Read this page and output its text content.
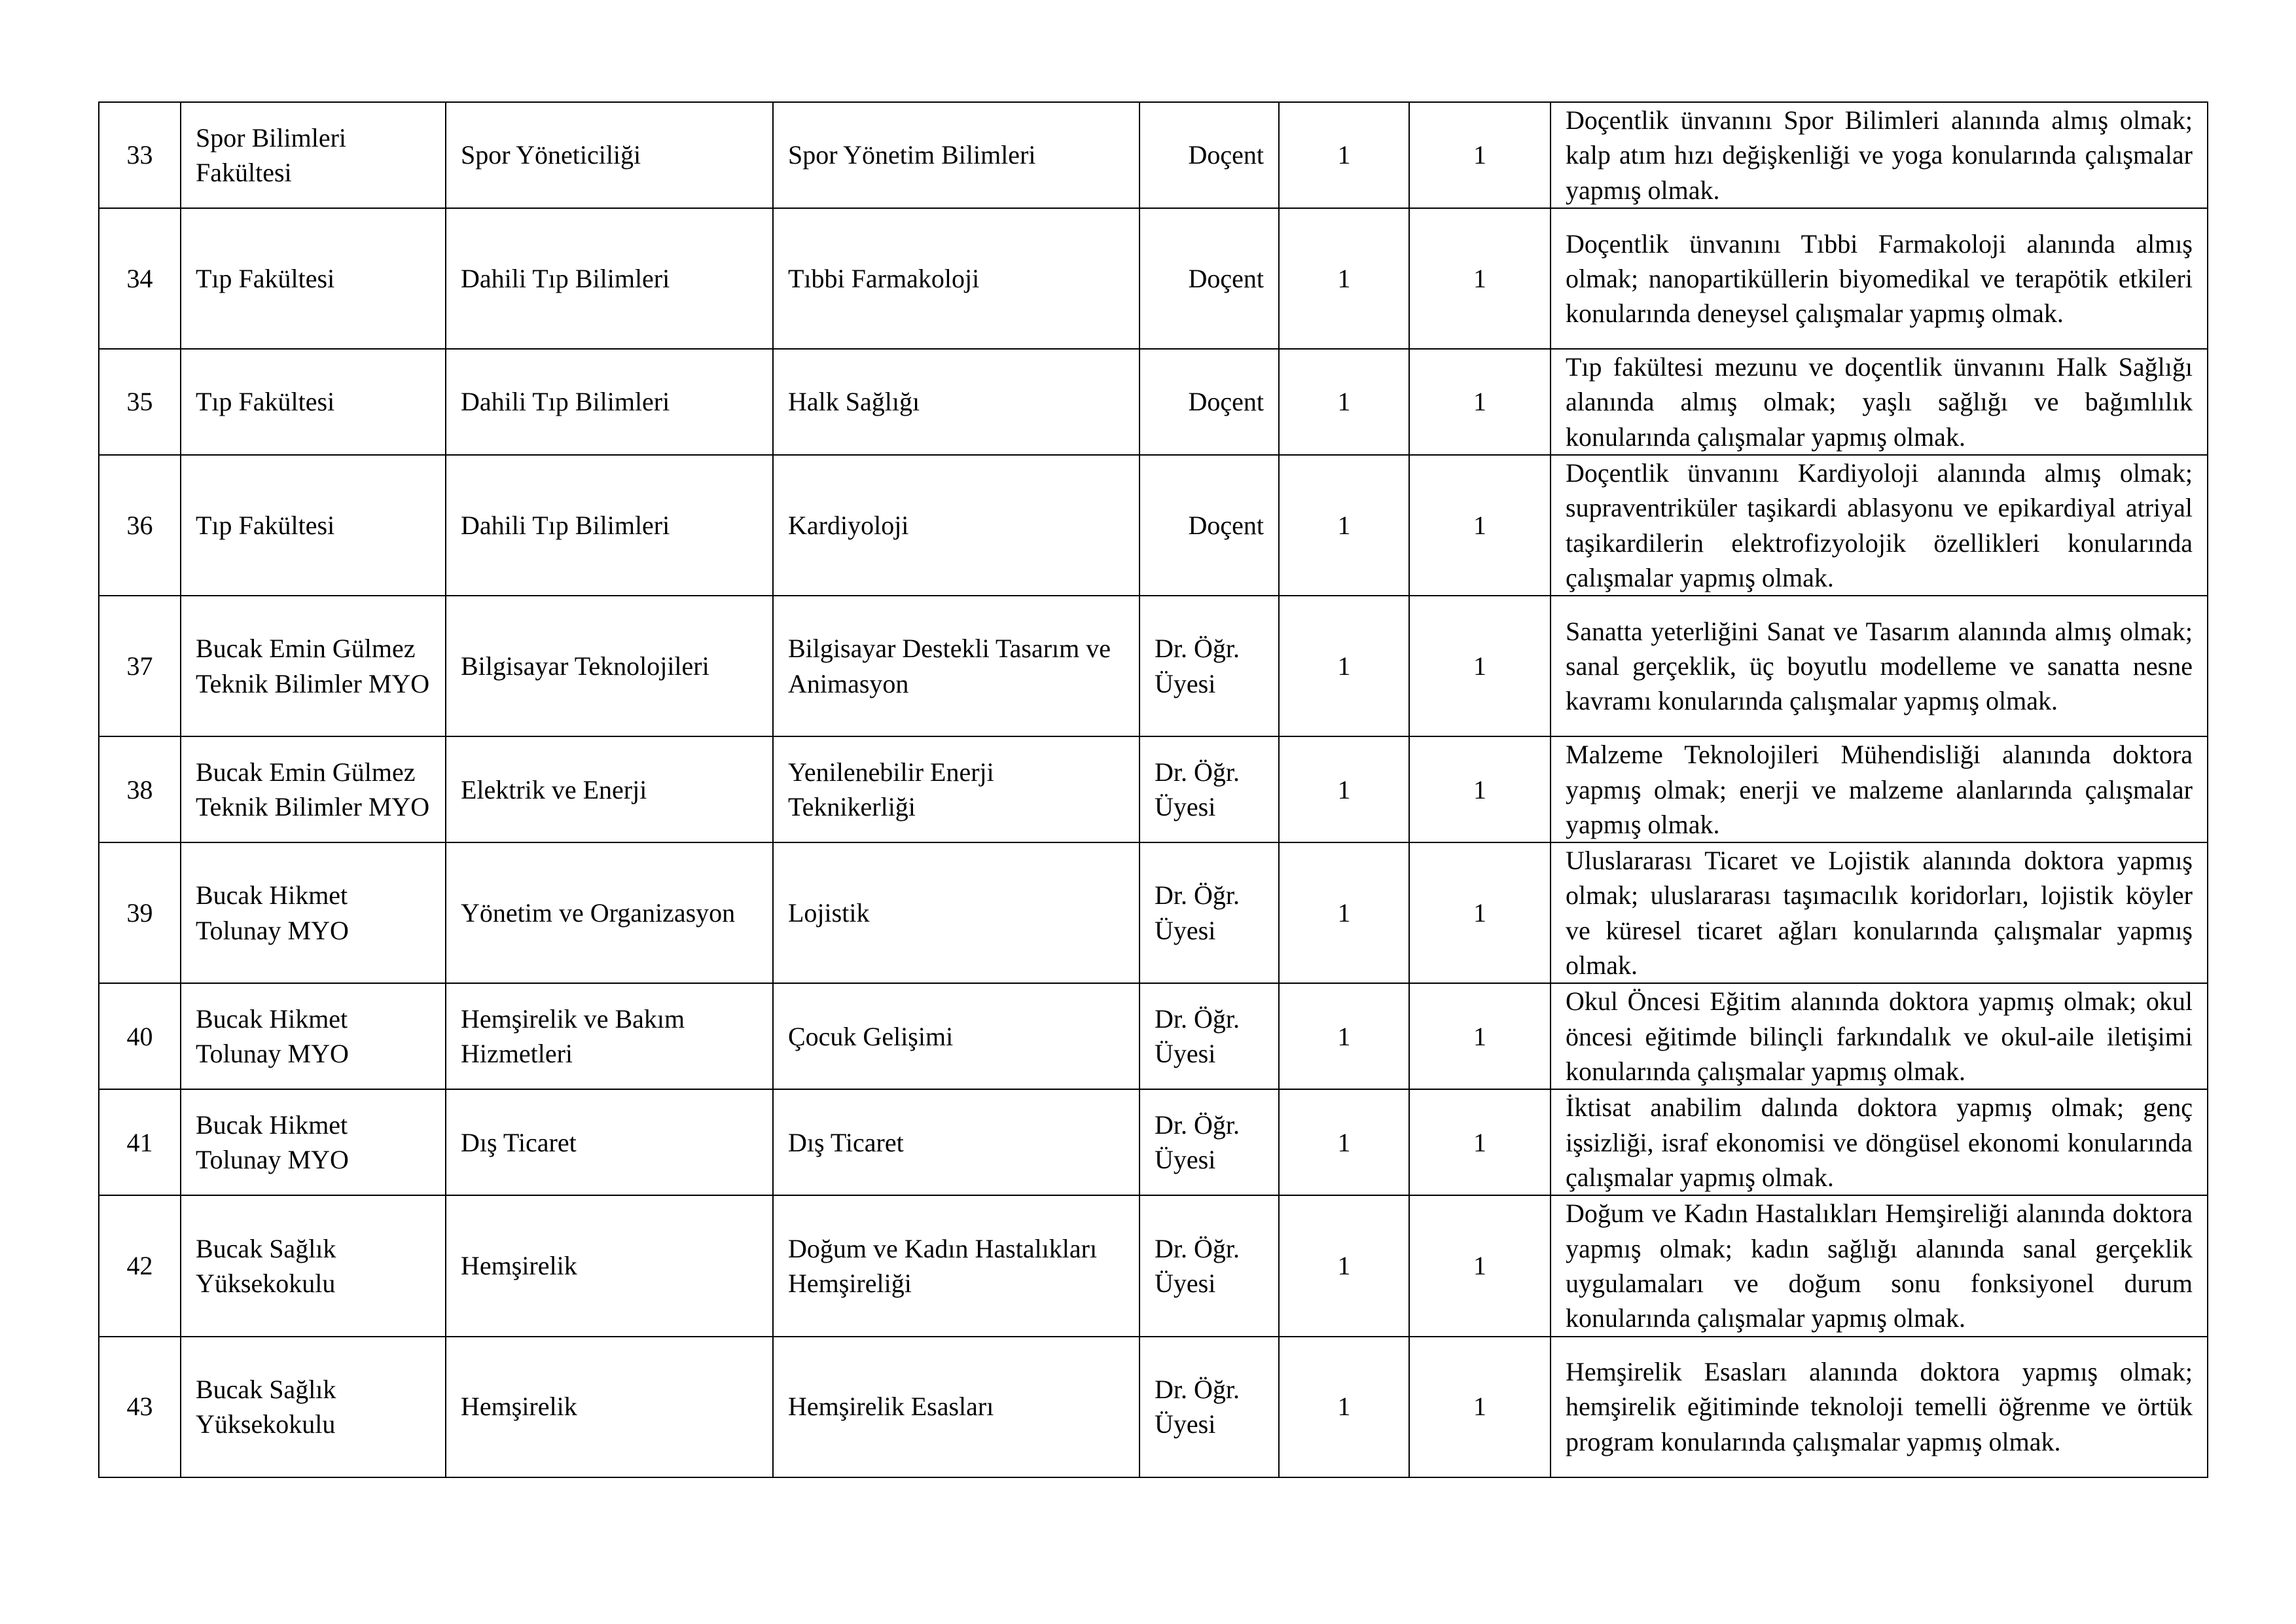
33	Spor Bilimleri Fakültesi	Spor Yöneticiliği	Spor Yönetim Bilimleri	Doçent	1	1	Doçentlik ünvanını Spor Bilimleri alanında almış olmak; kalp atım hızı değişkenliği ve yoga konularında çalışmalar yapmış olmak.
34	Tıp Fakültesi	Dahili Tıp Bilimleri	Tıbbi Farmakoloji	Doçent	1	1	Doçentlik ünvanını Tıbbi Farmakoloji alanında almış olmak; nanopartiküllerin biyomedikal ve terapötik etkileri konularında deneysel çalışmalar yapmış olmak.
35	Tıp Fakültesi	Dahili Tıp Bilimleri	Halk Sağlığı	Doçent	1	1	Tıp fakültesi mezunu ve doçentlik ünvanını Halk Sağlığı alanında almış olmak; yaşlı sağlığı ve bağımlılık konularında çalışmalar yapmış olmak.
36	Tıp Fakültesi	Dahili Tıp Bilimleri	Kardiyoloji	Doçent	1	1	Doçentlik ünvanını Kardiyoloji alanında almış olmak; supraventriküler taşikardi ablasyonu ve epikardiyal atriyal taşikardilerin elektrofizyolojik özellikleri konularında çalışmalar yapmış olmak.
37	Bucak Emin Gülmez Teknik Bilimler MYO	Bilgisayar Teknolojileri	Bilgisayar Destekli Tasarım ve Animasyon	Dr. Öğr. Üyesi	1	1	Sanatta yeterliğini Sanat ve Tasarım alanında almış olmak; sanal gerçeklik, üç boyutlu modelleme ve sanatta nesne kavramı konularında çalışmalar yapmış olmak.
38	Bucak Emin Gülmez Teknik Bilimler MYO	Elektrik ve Enerji	Yenilenebilir Enerji Teknikerliği	Dr. Öğr. Üyesi	1	1	Malzeme Teknolojileri Mühendisliği alanında doktora yapmış olmak; enerji ve malzeme alanlarında çalışmalar yapmış olmak.
39	Bucak Hikmet Tolunay MYO	Yönetim ve Organizasyon	Lojistik	Dr. Öğr. Üyesi	1	1	Uluslararası Ticaret ve Lojistik alanında doktora yapmış olmak; uluslararası taşımacılık koridorları, lojistik köyler ve küresel ticaret ağları konularında çalışmalar yapmış olmak.
40	Bucak Hikmet Tolunay MYO	Hemşirelik ve Bakım Hizmetleri	Çocuk Gelişimi	Dr. Öğr. Üyesi	1	1	Okul Öncesi Eğitim alanında doktora yapmış olmak; okul öncesi eğitimde bilinçli farkındalık ve okul-aile iletişimi konularında çalışmalar yapmış olmak.
41	Bucak Hikmet Tolunay MYO	Dış Ticaret	Dış Ticaret	Dr. Öğr. Üyesi	1	1	İktisat anabilim dalında doktora yapmış olmak; genç işsizliği, israf ekonomisi ve döngüsel ekonomi konularında çalışmalar yapmış olmak.
42	Bucak Sağlık Yüksekokulu	Hemşirelik	Doğum ve Kadın Hastalıkları Hemşireliği	Dr. Öğr. Üyesi	1	1	Doğum ve Kadın Hastalıkları Hemşireliği alanında doktora yapmış olmak; kadın sağlığı alanında sanal gerçeklik uygulamaları ve doğum sonu fonksiyonel durum konularında çalışmalar yapmış olmak.
43	Bucak Sağlık Yüksekokulu	Hemşirelik	Hemşirelik Esasları	Dr. Öğr. Üyesi	1	1	Hemşirelik Esasları alanında doktora yapmış olmak; hemşirelik eğitiminde teknoloji temelli öğrenme ve örtük program konularında çalışmalar yapmış olmak.
